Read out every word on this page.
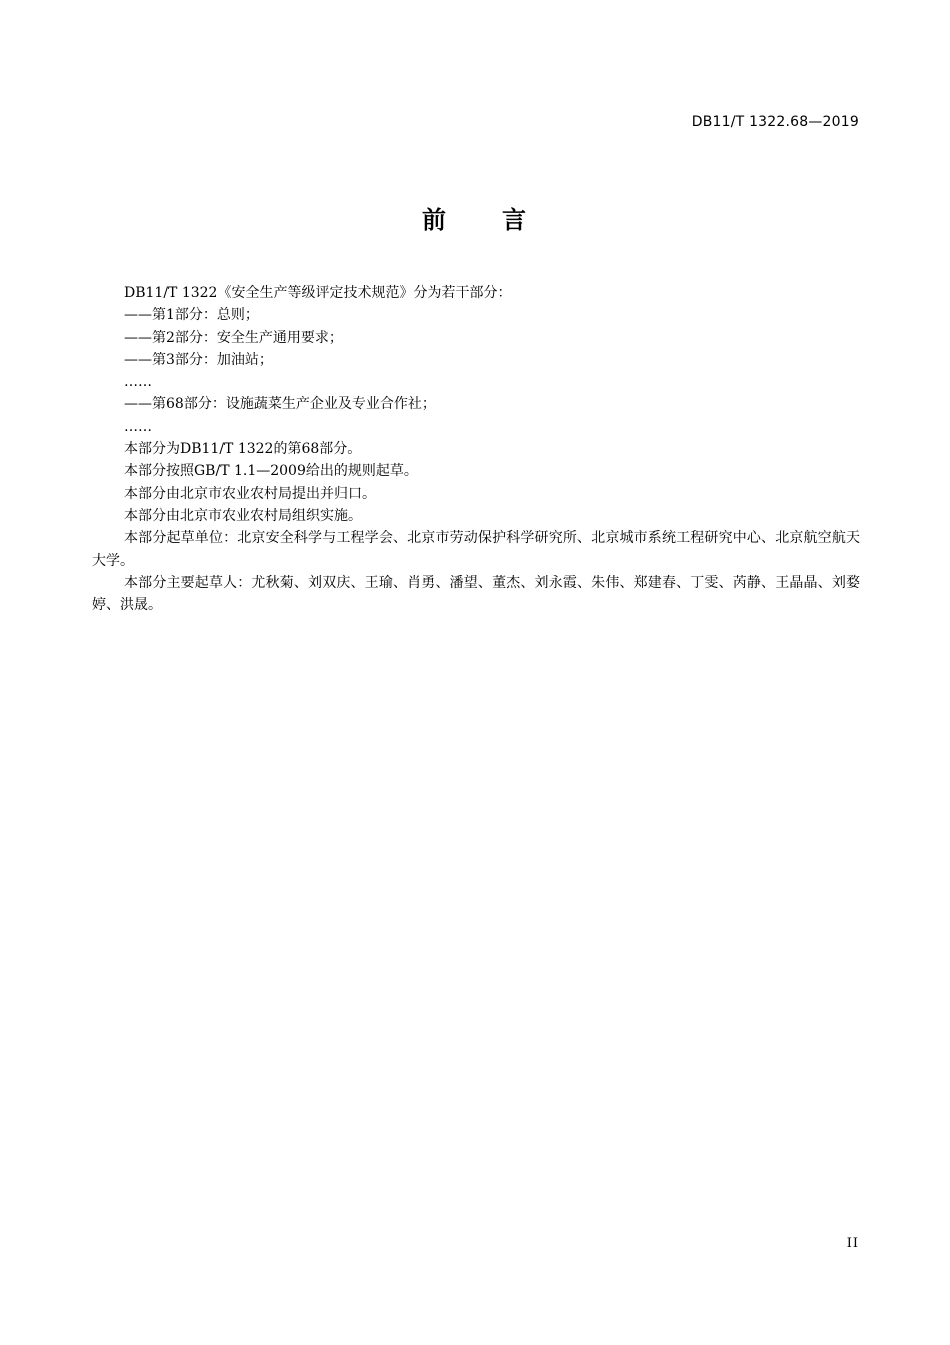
DB11/T 1322.68—2019
前 言

DB11/T 1322《安全生产等级评定技术规范》分为若干部分：

——第1部分：总则；

——第2部分：安全生产通用要求；

——第3部分：加油站；

……

——第68部分：设施蔬菜生产企业及专业合作社；

……

本部分为DB11/T 1322的第68部分。

本部分按照GB/T 1.1—2009给出的规则起草。

本部分由北京市农业农村局提出并归口。

本部分由北京市农业农村局组织实施。

本部分起草单位：北京安全科学与工程学会、北京市劳动保护科学研究所、北京城市系统工程研究中心、北京航空航天大学。

本部分主要起草人：尤秋菊、刘双庆、王瑜、肖勇、潘望、董杰、刘永霞、朱伟、郑建春、丁雯、芮静、王晶晶、刘婺婷、洪晟。

II
